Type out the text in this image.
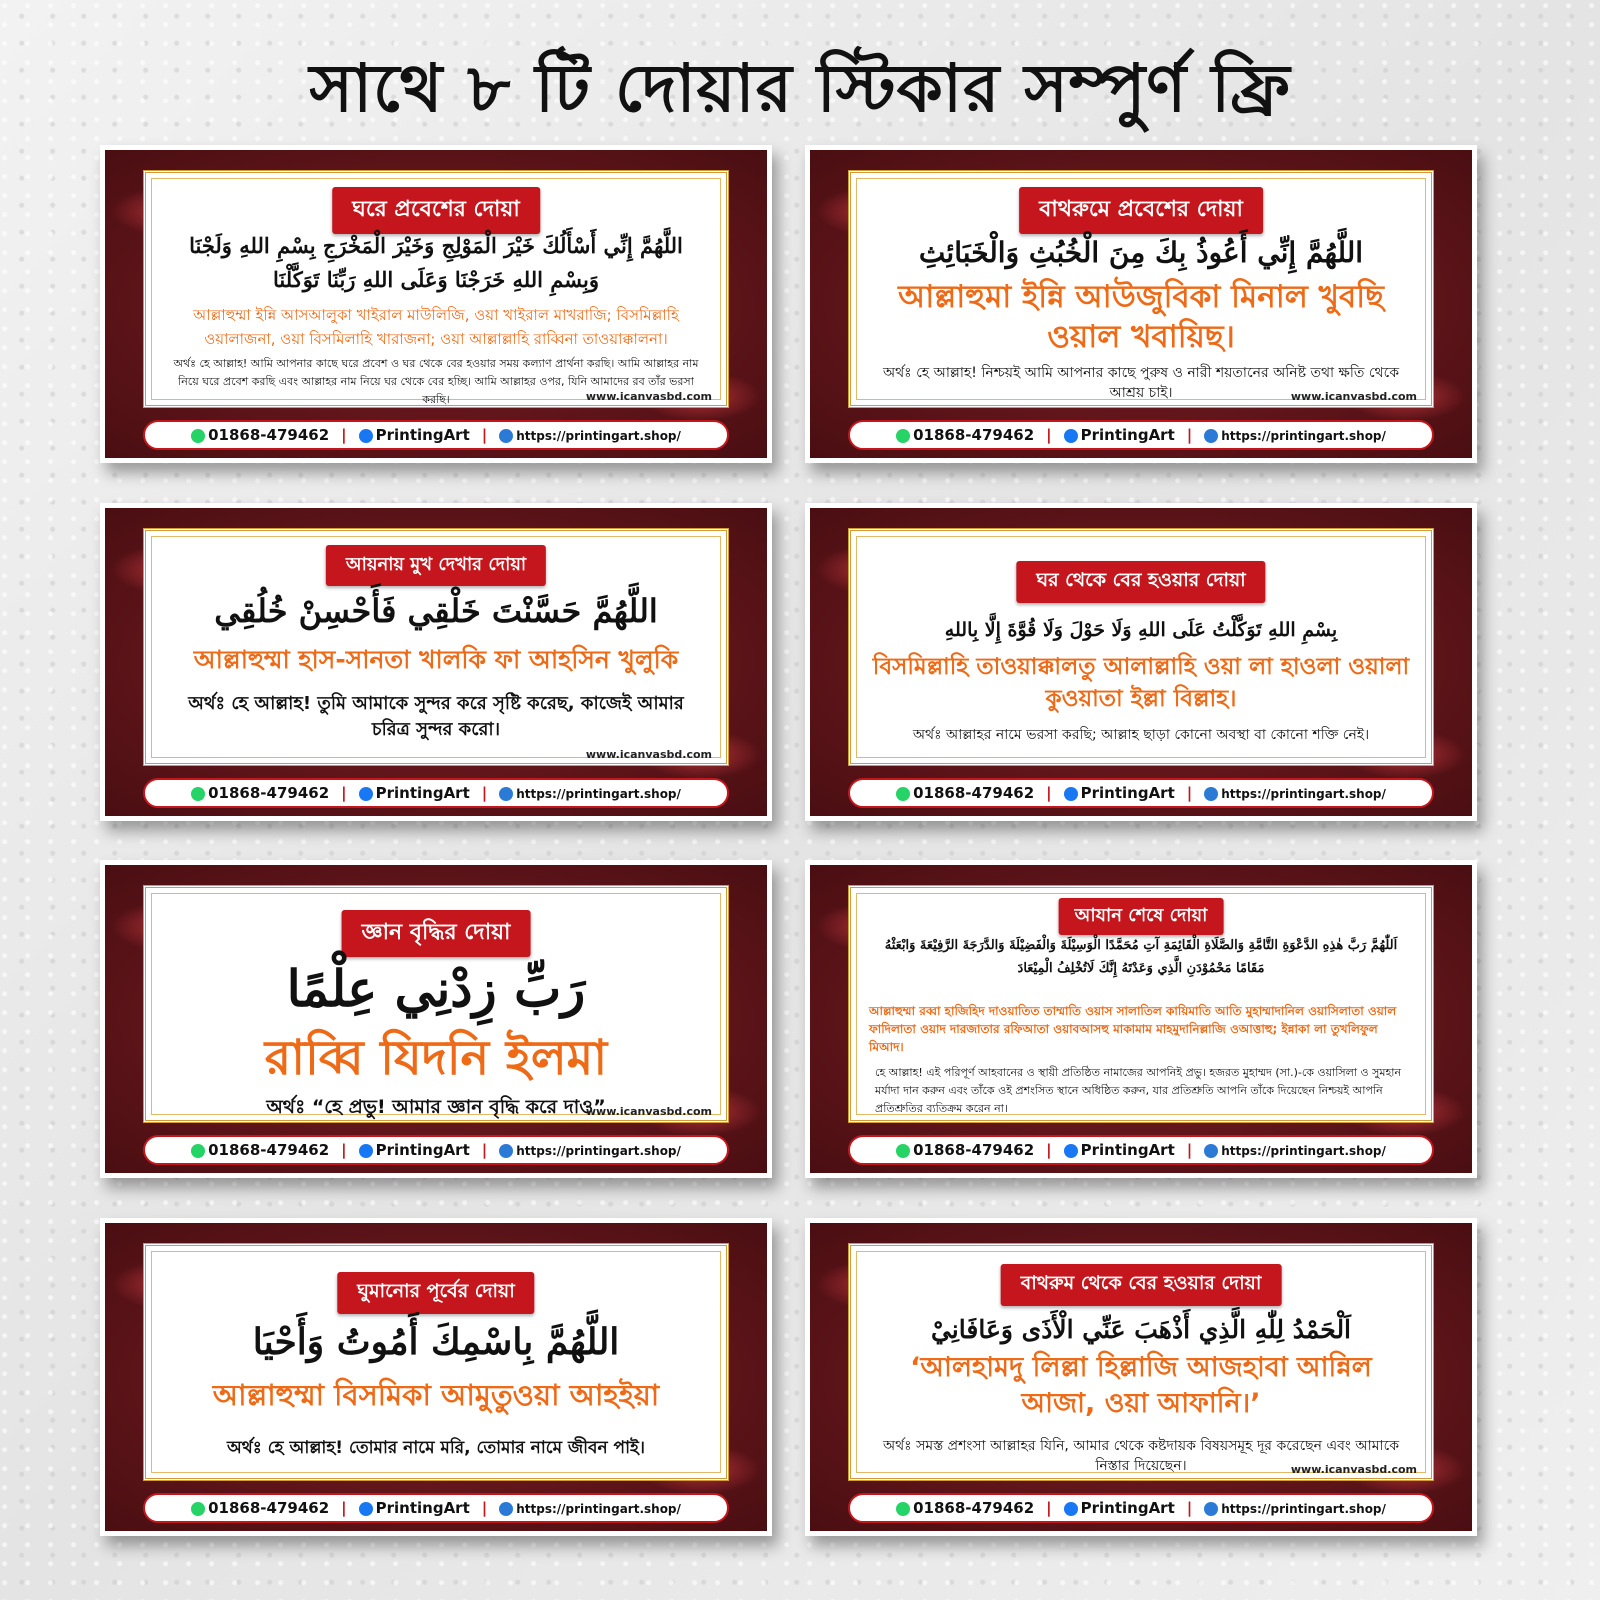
সাথে ৮ টি দোয়ার স্টিকার সম্পুর্ণ ফ্রি
ঘরে প্রবেশের দোয়া
اللَّهُمَّ إِنِّي أَسْأَلُكَ خَيْرَ الْمَوْلِجِ وَخَيْرَ الْمَخْرَجِ بِسْمِ اللهِ وَلَجْنَا وَبِسْمِ اللهِ خَرَجْنَا وَعَلَى اللهِ رَبِّنَا تَوَكَّلْنَا
আল্লাহুম্মা ইন্নি আসআলুকা খাইরাল মাউলিজি, ওয়া খাইরাল মাখরাজি; বিসমিল্লাহি ওয়ালাজনা, ওয়া বিসমিলাহি খারাজনা; ওয়া আল্লাল্লাহি রাব্বিনা তাওয়াক্কালনা।
অর্থঃ হে আল্লাহ! আমি আপনার কাছে ঘরে প্রবেশ ও ঘর থেকে বের হওয়ার সময় কল্যাণ প্রার্থনা করছি। আমি আল্লাহর নাম নিয়ে ঘরে প্রবেশ করছি এবং আল্লাহর নাম নিয়ে ঘর থেকে বের হচ্ছি। আমি আল্লাহর ওপর, যিনি আমাদের রব তাঁর ভরসা করছি।	www.icanvasbd.com
01868-479462 |	PrintingArt |	https://printingart.shop/
বাথরুমে প্রবেশের দোয়া
اللَّهُمَّ إِنِّي أَعُوذُ بِكَ مِنَ الْخُبُثِ وَالْخَبَائِثِ
আল্লাহুমা ইন্নি আউজুবিকা মিনাল খুবছি ওয়াল খবায়িছ।
অর্থঃ হে আল্লাহ! নিশ্চয়ই আমি আপনার কাছে পুরুষ ও নারী শয়তানের অনিষ্ট তথা ক্ষতি থেকে আশ্রয় চাই।	www.icanvasbd.com
01868-479462 |	PrintingArt |	https://printingart.shop/
আয়নায় মুখ দেখার দোয়া
اللَّهُمَّ حَسَّنْتَ خَلْقِي فَأَحْسِنْ خُلُقِي
আল্লাহুম্মা হাস-সানতা খালকি ফা আহসিন খুলুকি
অর্থঃ হে আল্লাহ! তুমি আমাকে সুন্দর করে সৃষ্টি করেছ, কাজেই আমার চরিত্র সুন্দর করো।
www.icanvasbd.com
01868-479462 |	PrintingArt |	https://printingart.shop/
ঘর থেকে বের হওয়ার দোয়া
بِسْمِ اللهِ تَوَكَّلْتُ عَلَى اللهِ وَلَا حَوْلَ وَلَا قُوَّةَ إِلَّا بِاللهِ
বিসমিল্লাহি তাওয়াক্কালতু আলাল্লাহি ওয়া লা হাওলা ওয়ালা কুওয়াতা ইল্লা বিল্লাহ।
অর্থঃ আল্লাহর নামে ভরসা করছি; আল্লাহ ছাড়া কোনো অবস্থা বা কোনো শক্তি নেই।
01868-479462 |	PrintingArt |	https://printingart.shop/
জ্ঞান বৃদ্ধির দোয়া
رَبِّ زِدْنِي عِلْمًا
রাব্বি যিদনি ইলমা
অর্থঃ “হে প্রভু! আমার জ্ঞান বৃদ্ধি করে দাও”
www.icanvasbd.com
01868-479462 |	PrintingArt |	https://printingart.shop/
আযান শেষে দোয়া
اَللّٰهُمَّ رَبَّ هٰذِهِ الدَّعْوَةِ التَّامَّةِ وَالصَّلَاةِ الْقَائِمَةِ آتِ مُحَمَّدًا الْوَسِيْلَةَ وَالْفَضِيْلَةَ وَالدَّرَجَةَ الرَّفِيْعَةَ وَابْعَثْهُ مَقَامًا مَحْمُوْدَنِ الَّذِي وَعَدْتَهُ إِنَّكَ لَاتُخْلِفُ الْمِيْعَادَ
আল্লাহুম্মা রব্বা হাজিহিদ দাওয়াতিত তাম্মাতি ওয়াস সালাতিল কায়িমাতি আতি মুহাম্মাদানিল ওয়াসিলাতা ওয়াল ফাদিলাতা ওয়াদ দারজাতার রফিআতা ওয়াবআসহু মাকামাম মাহমুদানিল্লাজি ওআত্তাহু; ইন্নাকা লা তুখলিফুল মিআদ।
হে আল্লাহ! এই পরিপূর্ণ আহবানের ও স্থায়ী প্রতিষ্ঠিত নামাজের আপনিই প্রভু। হজরত মুহাম্মদ (সা.)-কে ওয়াসিলা ও সুমহান মর্যাদা দান করুন এবং তাঁকে ওই প্রশংসিত স্থানে অধিষ্ঠিত করুন, যার প্রতিশ্রুতি আপনি তাঁকে দিয়েছেন নিশ্চয়ই আপনি প্রতিশ্রুতির ব্যতিক্রম করেন না।
01868-479462 |	PrintingArt |	https://printingart.shop/
ঘুমানোর পূর্বের দোয়া
اللَّهُمَّ بِاسْمِكَ أَمُوتُ وَأَحْيَا
আল্লাহুম্মা বিসমিকা আমুতুওয়া আহইয়া
অর্থঃ হে আল্লাহ! তোমার নামে মরি, তোমার নামে জীবন পাই।
01868-479462 |	PrintingArt |	https://printingart.shop/
বাথরুম থেকে বের হওয়ার দোয়া
اَلْحَمْدُ لِلّٰهِ الَّذِي أَذْهَبَ عَنِّي الْأَذَى وَعَافَانِيْ
‘আলহামদু লিল্লা হিল্লাজি আজহাবা আন্নিল আজা, ওয়া আফানি।’
অর্থঃ সমস্ত প্রশংসা আল্লাহর যিনি, আমার থেকে কষ্টদায়ক বিষয়সমূহ দূর করেছেন এবং আমাকে নিস্তার দিয়েছেন।	www.icanvasbd.com
01868-479462 |	PrintingArt |	https://printingart.shop/
